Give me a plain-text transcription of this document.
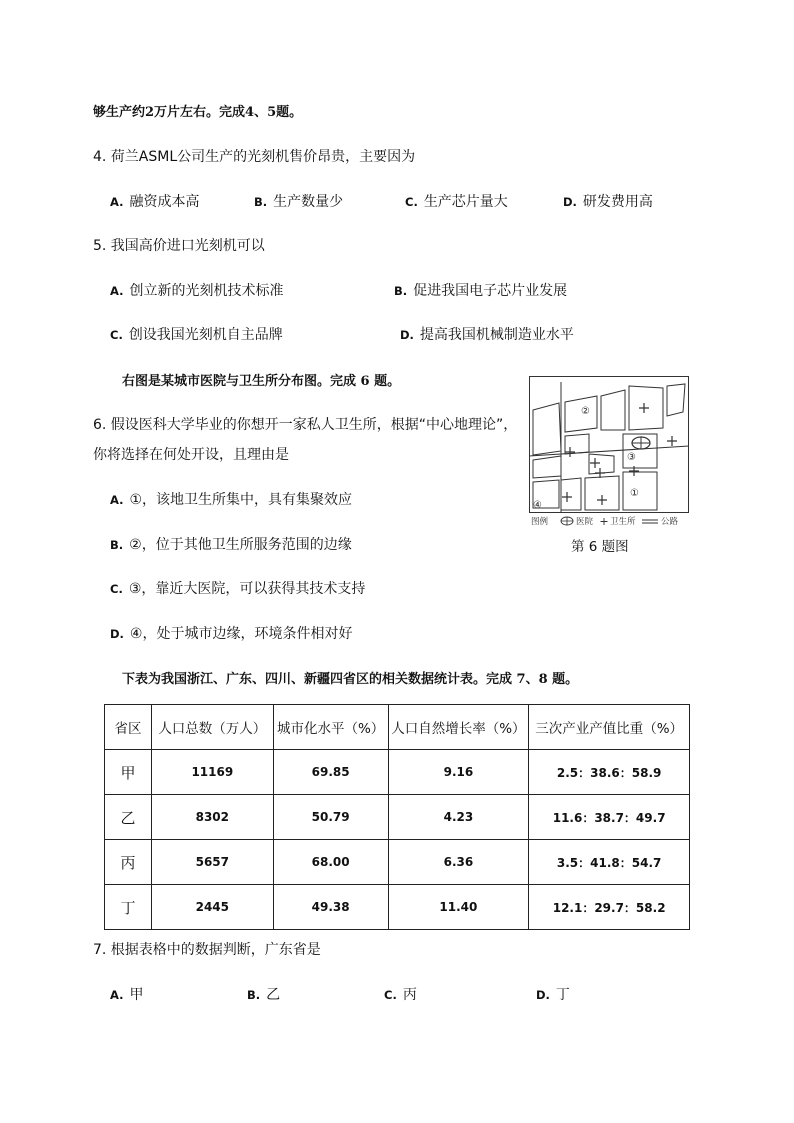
够生产约2万片左右。完成4、5题。
4. 荷兰ASML公司生产的光刻机售价昂贵，主要因为
A. 融资成本高	B. 生产数量少	C. 生产芯片量大	D. 研发费用高
5. 我国高价进口光刻机可以
A. 创立新的光刻机技术标准	B. 促进我国电子芯片业发展
C. 创设我国光刻机自主品牌	D. 提高我国机械制造业水平
右图是某城市医院与卫生所分布图。完成 6 题。
6. 假设医科大学毕业的你想开一家私人卫生所，根据“中心地理论”，
你将选择在何处开设，且理由是
A. ①，该地卫生所集中，具有集聚效应
B. ②，位于其他卫生所服务范围的边缘
C. ③，靠近大医院，可以获得其技术支持
D. ④，处于城市边缘，环境条件相对好
①
②
③
④
图例	医院 卫生所	公路
第 6 题图
下表为我国浙江、广东、四川、新疆四省区的相关数据统计表。完成 7、8 题。
省区	人口总数（万人）	城市化水平（%）	人口自然增长率（%）	三次产业产值比重（%）
甲	11169	69.85	9.16	2.5：38.6：58.9
乙	8302	50.79	4.23	11.6：38.7：49.7
丙	5657	68.00	6.36	3.5：41.8：54.7
丁	2445	49.38	11.40	12.1：29.7：58.2
7. 根据表格中的数据判断，广东省是
A. 甲	B. 乙	C. 丙	D. 丁
